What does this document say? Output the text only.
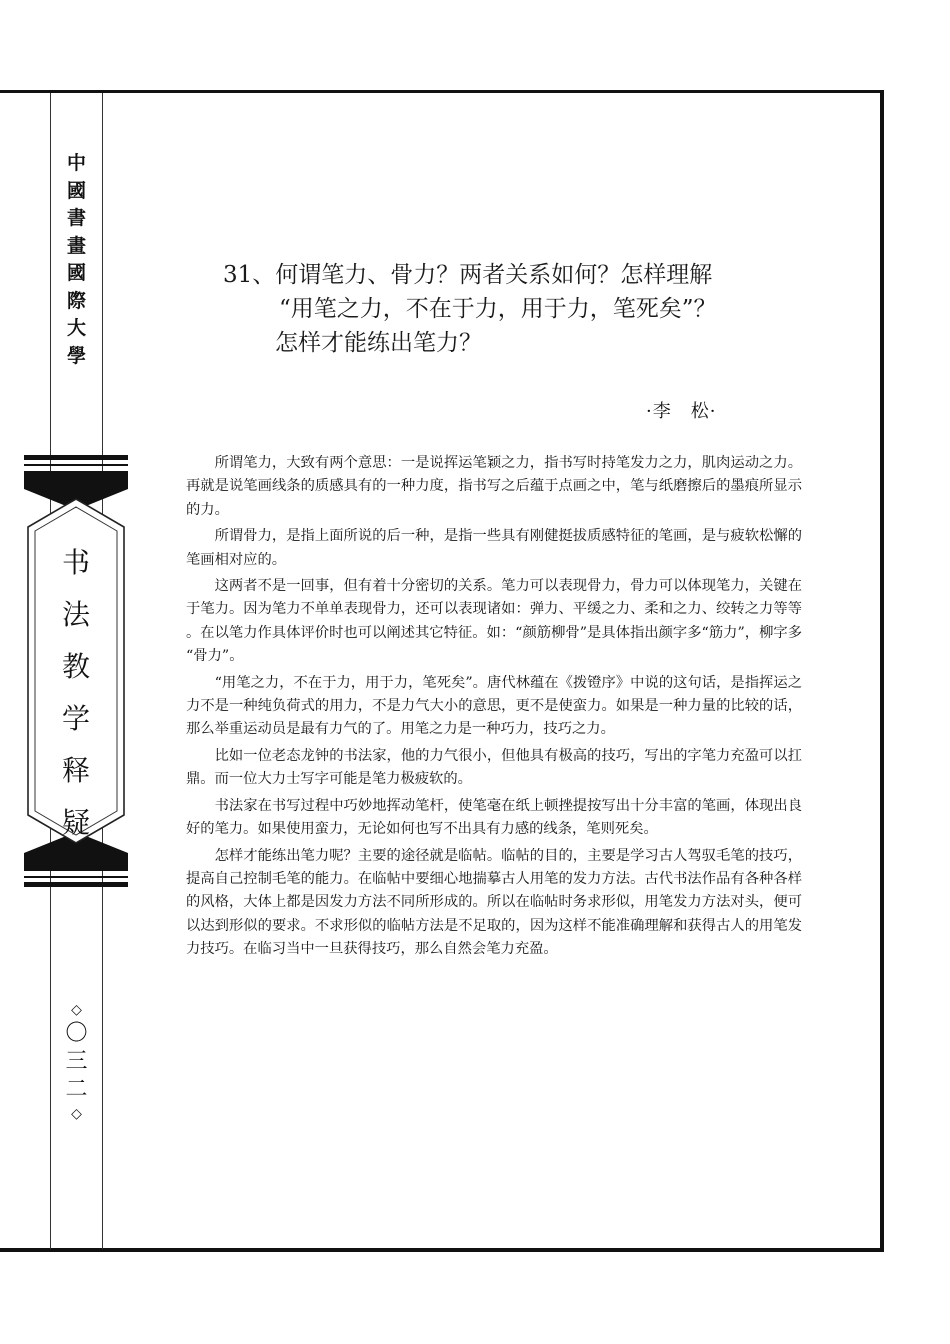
中
國
書
畫
國
際
大
學
书
法
教
学
释
疑
◇
〇
三
二
◇
31、何谓笔力、骨力？两者关系如何？怎样理解
“用笔之力，不在于力，用于力，笔死矣”？
怎样才能练出笔力？
·李　松·

所谓笔力，大致有两个意思：一是说挥运笔颖之力，指书写时持笔发力之力，肌肉运动之力。再就是说笔画线条的质感具有的一种力度，指书写之后蕴于点画之中，笔与纸磨擦后的墨痕所显示的力。

所谓骨力，是指上面所说的后一种，是指一些具有刚健挺拔质感特征的笔画，是与疲软松懈的笔画相对应的。

这两者不是一回事，但有着十分密切的关系。笔力可以表现骨力，骨力可以体现笔力，关键在于笔力。因为笔力不单单表现骨力，还可以表现诸如：弹力、平缓之力、柔和之力、绞转之力等等。在以笔力作具体评价时也可以阐述其它特征。如：“颜筋柳骨”是具体指出颜字多“筋力”，柳字多“骨力”。

“用笔之力，不在于力，用于力，笔死矣”。唐代林蕴在《拨镫序》中说的这句话，是指挥运之力不是一种纯负荷式的用力，不是力气大小的意思，更不是使蛮力。如果是一种力量的比较的话，那么举重运动员是最有力气的了。用笔之力是一种巧力，技巧之力。

比如一位老态龙钟的书法家，他的力气很小，但他具有极高的技巧，写出的字笔力充盈可以扛鼎。而一位大力士写字可能是笔力极疲软的。

书法家在书写过程中巧妙地挥动笔杆，使笔毫在纸上顿挫提按写出十分丰富的笔画，体现出良好的笔力。如果使用蛮力，无论如何也写不出具有力感的线条，笔则死矣。

怎样才能练出笔力呢？主要的途径就是临帖。临帖的目的，主要是学习古人驾驭毛笔的技巧，提高自己控制毛笔的能力。在临帖中要细心地揣摹古人用笔的发力方法。古代书法作品有各种各样的风格，大体上都是因发力方法不同所形成的。所以在临帖时务求形似，用笔发力方法对头，便可以达到形似的要求。不求形似的临帖方法是不足取的，因为这样不能准确理解和获得古人的用笔发力技巧。在临习当中一旦获得技巧，那么自然会笔力充盈。
